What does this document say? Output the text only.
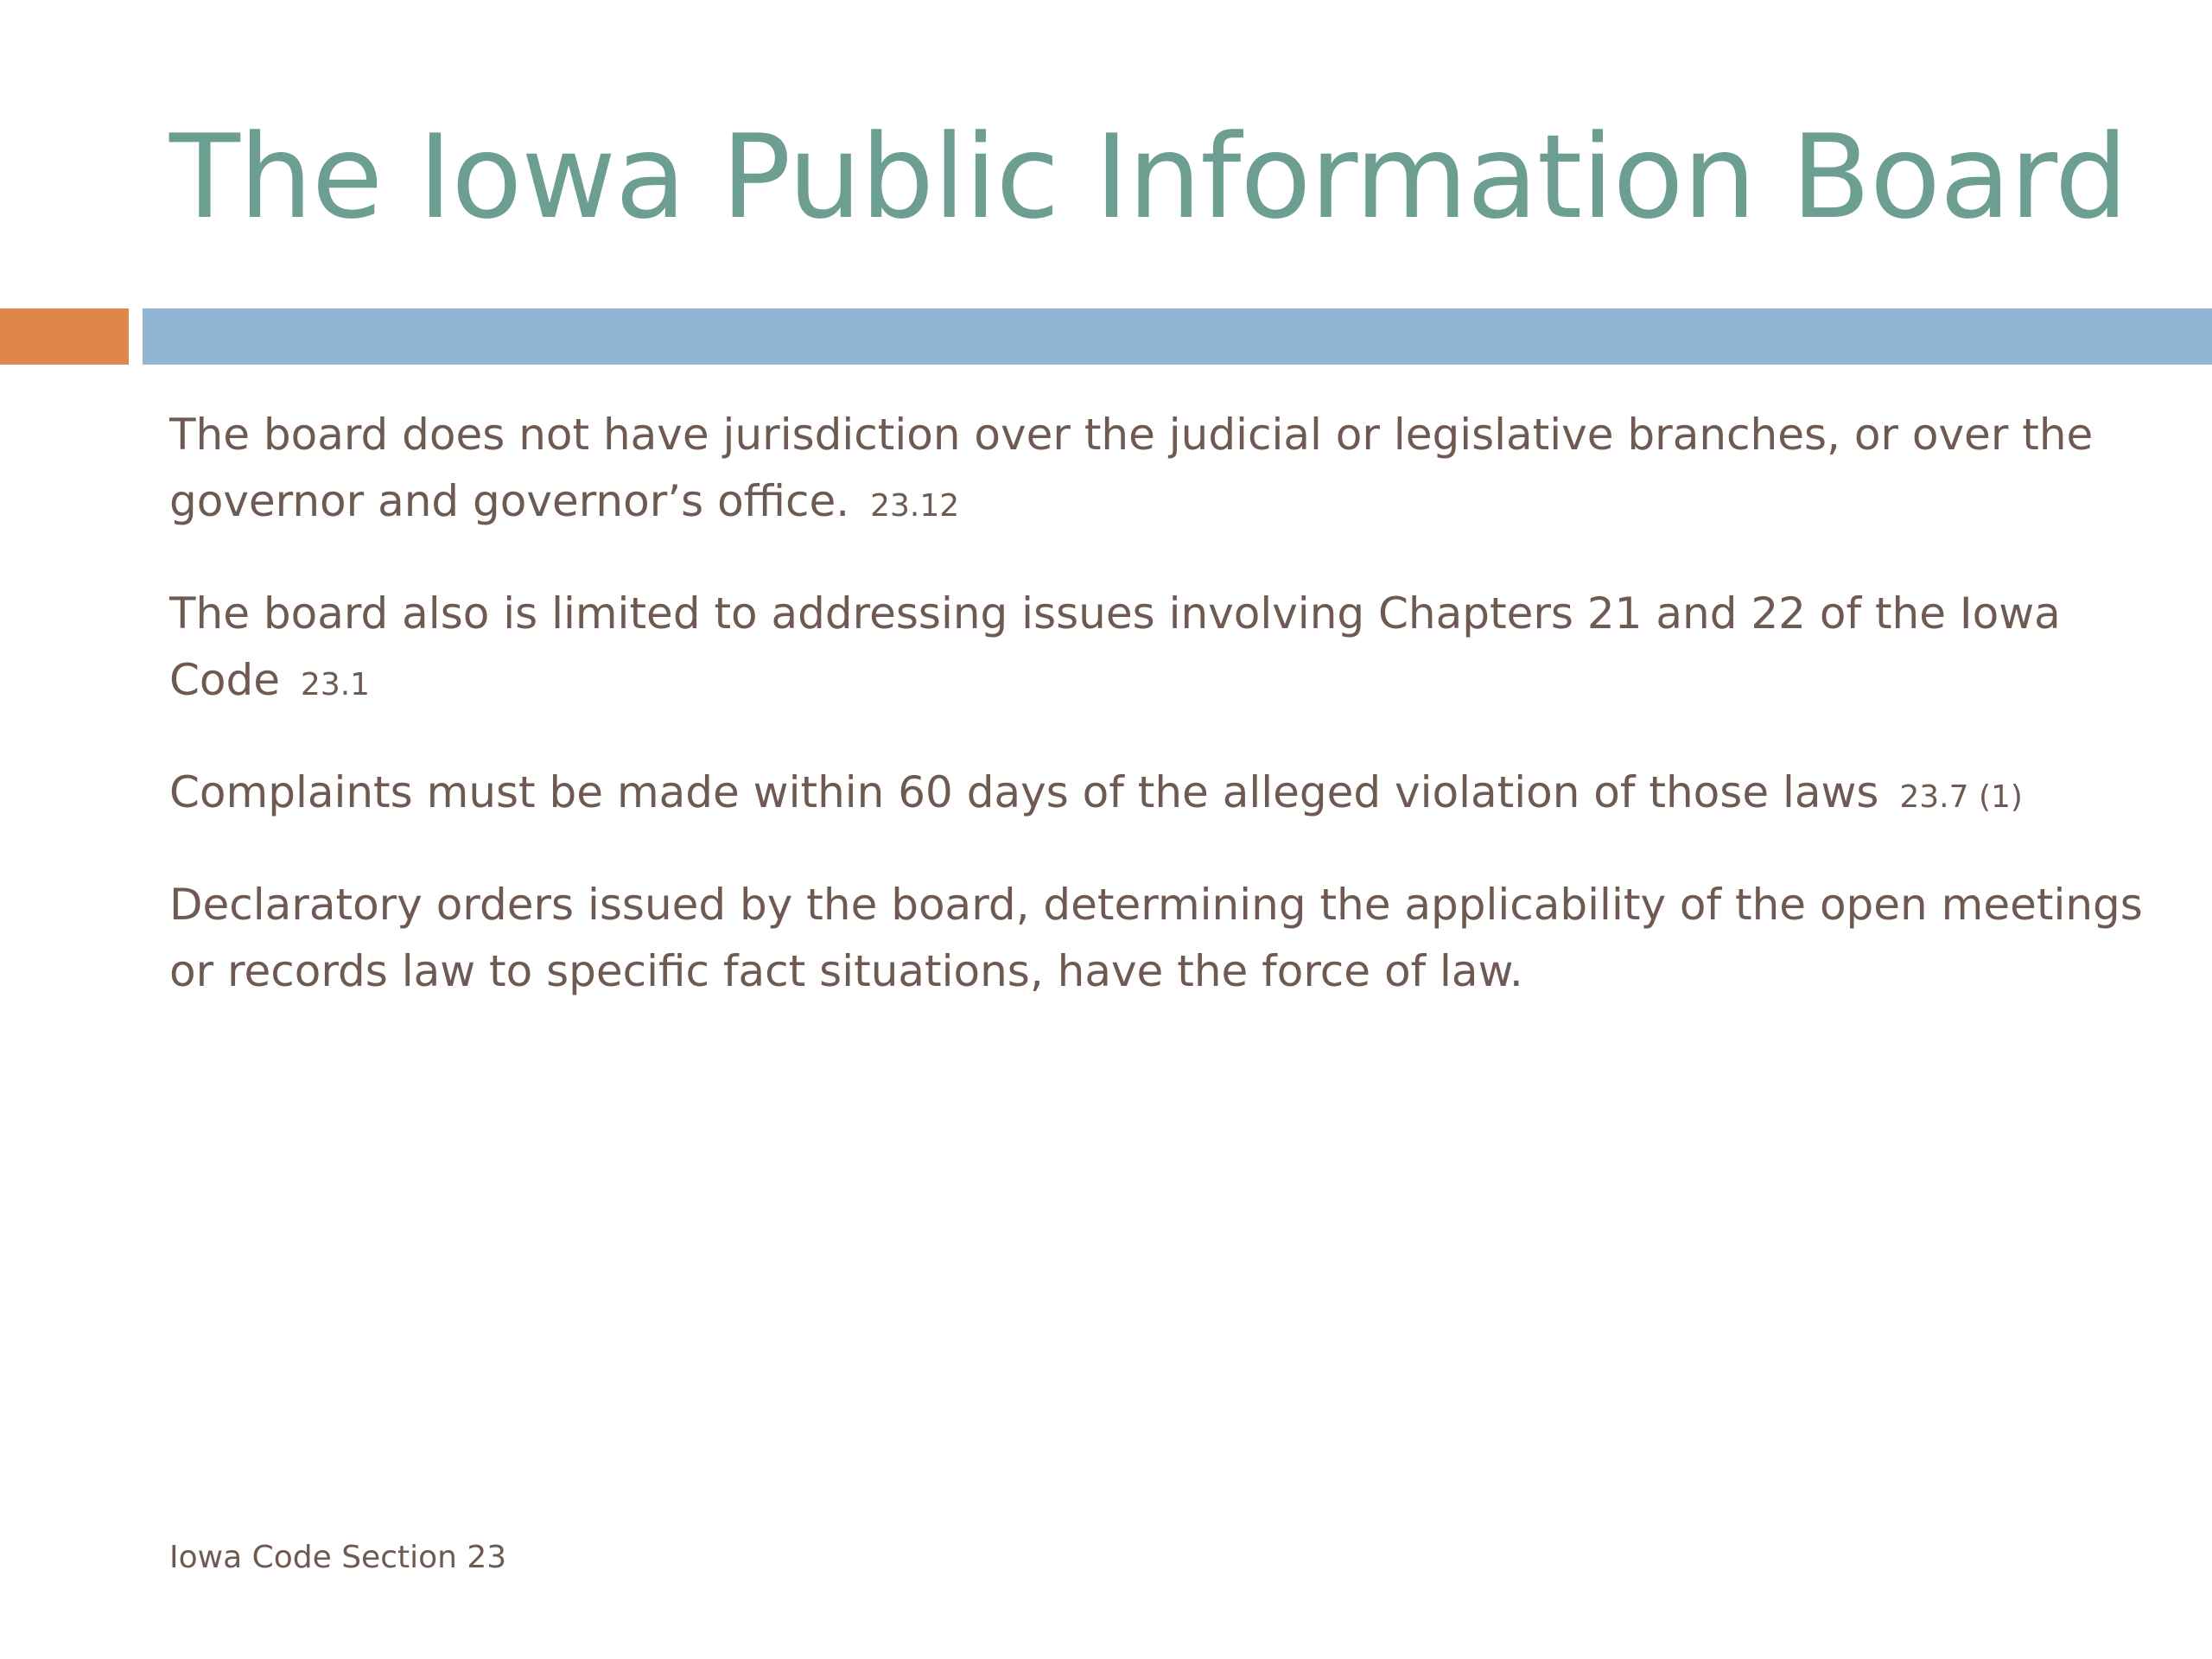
The Iowa Public Information Board

The board does not have jurisdiction over the judicial or legislative branches, or over the governor and governor’s office. 23.12

The board also is limited to addressing issues involving Chapters 21 and 22 of the Iowa Code 23.1

Complaints must be made within 60 days of the alleged violation of those laws 23.7 (1)

Declaratory orders issued by the board, determining the applicability of the open meetings or records law to specific fact situations, have the force of law.

Iowa Code Section 23
